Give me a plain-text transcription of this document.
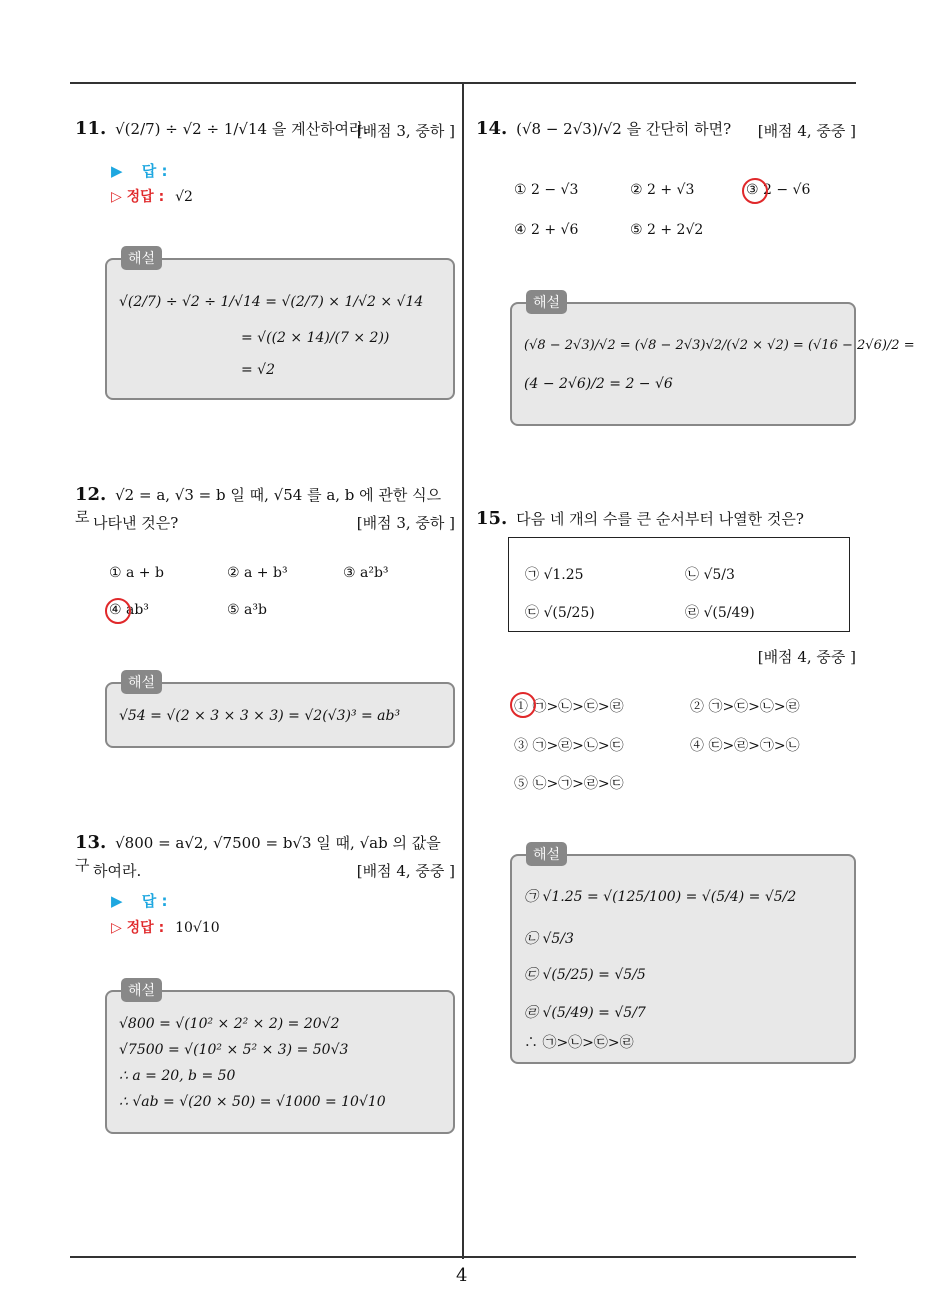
4
11. √(2/7) ÷ √2 ÷ 1/√14 을 계산하여라.
[배점 3, 중하 ]
▶ 답 :
▷ 정답 : √2
해설
√(2/7) ÷ √2 ÷ 1/√14 = √(2/7) × 1/√2 × √14
= √((2 × 14)/(7 × 2))
= √2
12. √2 = a, √3 = b 일 때, √54 를 a, b 에 관한 식으로 나타낸 것은?	[배점 3, 중하 ]
① a + b	② a + b³	③ a²b³
④ ab³	⑤ a³b
해설
√54 = √(2 × 3 × 3 × 3) = √2(√3)³ = ab³
13. √800 = a√2, √7500 = b√3 일 때, √ab 의 값을 구 하여라.	[배점 4, 중중 ]
▶ 답 :
▷ 정답 : 10√10
해설
√800 = √(10² × 2² × 2) = 20√2
√7500 = √(10² × 5² × 3) = 50√3
∴ a = 20, b = 50
∴ √ab = √(20 × 50) = √1000 = 10√10
14. (√8 − 2√3)/√2 을 간단히 하면?	[배점 4, 중중 ]
① 2 − √3	② 2 + √3	③ 2 − √6
④ 2 + √6	⑤ 2 + 2√2
해설
(√8 − 2√3)/√2 = (√8 − 2√3)√2/(√2 × √2) = (√16 − 2√6)/2 =
(4 − 2√6)/2 = 2 − √6
15. 다음 네 개의 수를 큰 순서부터 나열한 것은?
㉠ √1.25	㉡ √5/3
㉢ √(5/25)	㉣ √(5/49)
[배점 4, 중중 ]
① ㉠>㉡>㉢>㉣	② ㉠>㉢>㉡>㉣
③ ㉠>㉣>㉡>㉢	④ ㉢>㉣>㉠>㉡
⑤ ㉡>㉠>㉣>㉢
해설
㉠ √1.25 = √(125/100) = √(5/4) = √5/2
㉡ √5/3
㉢ √(5/25) = √5/5
㉣ √(5/49) = √5/7
∴ ㉠>㉡>㉢>㉣
